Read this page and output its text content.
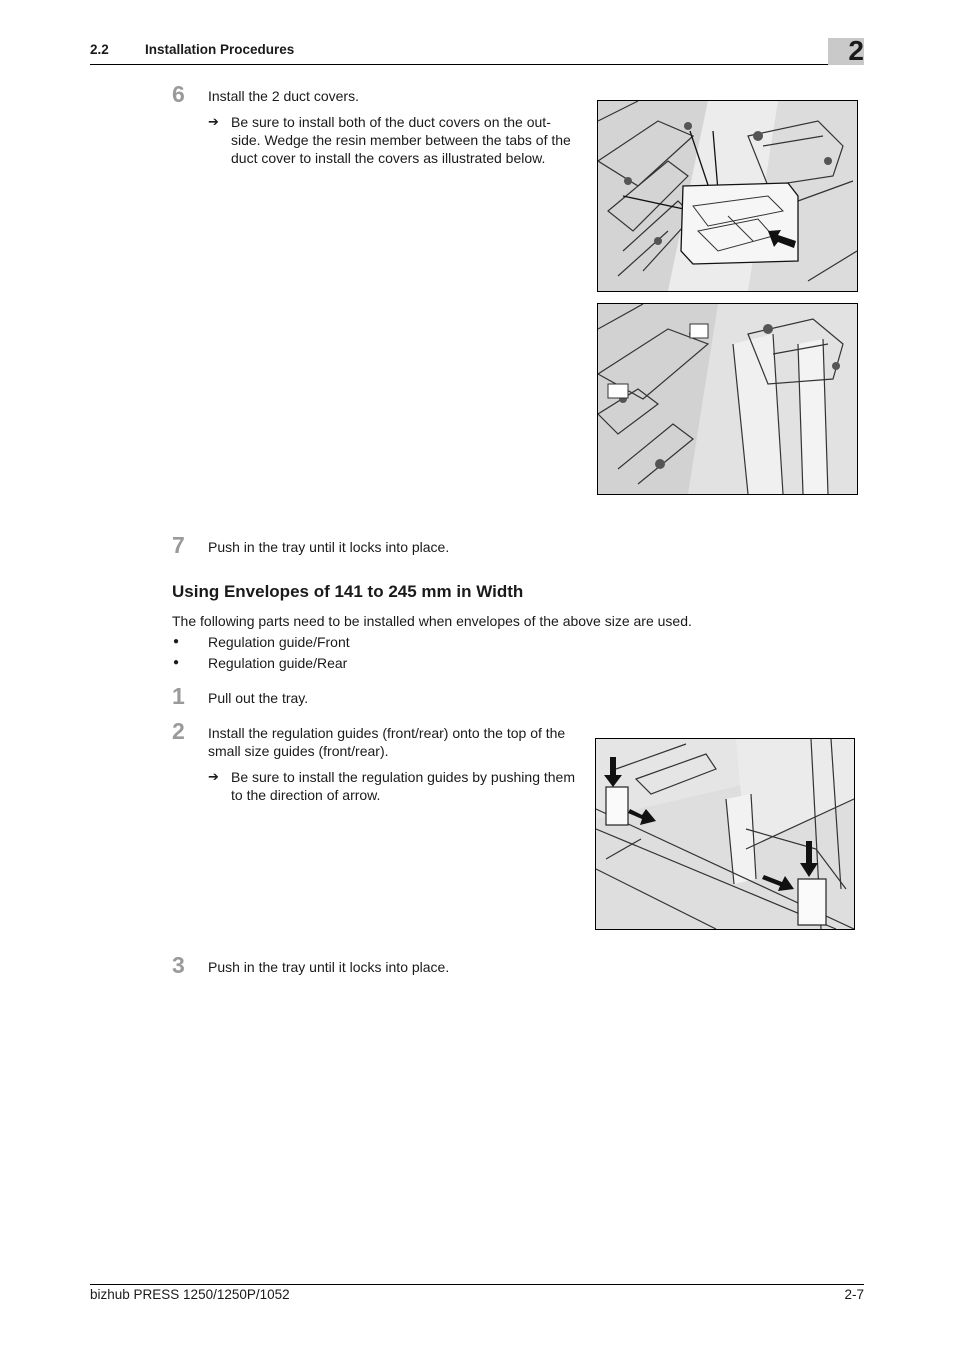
2.2	Installation Procedures	2
6 Install the 2 duct covers.
➔ Be sure to install both of the duct covers on the out-
side. Wedge the resin member between the tabs of the
duct cover to install the covers as illustrated below.
7 Push in the tray until it locks into place.
Using Envelopes of 141 to 245 mm in Width
The following parts need to be installed when envelopes of the above size are used.
● Regulation guide/Front
● Regulation guide/Rear
1 Pull out the tray.
2 Install the regulation guides (front/rear) onto the top of the
small size guides (front/rear).
➔ Be sure to install the regulation guides by pushing them
to the direction of arrow.
3 Push in the tray until it locks into place.
bizhub PRESS 1250/1250P/1052	2-7
